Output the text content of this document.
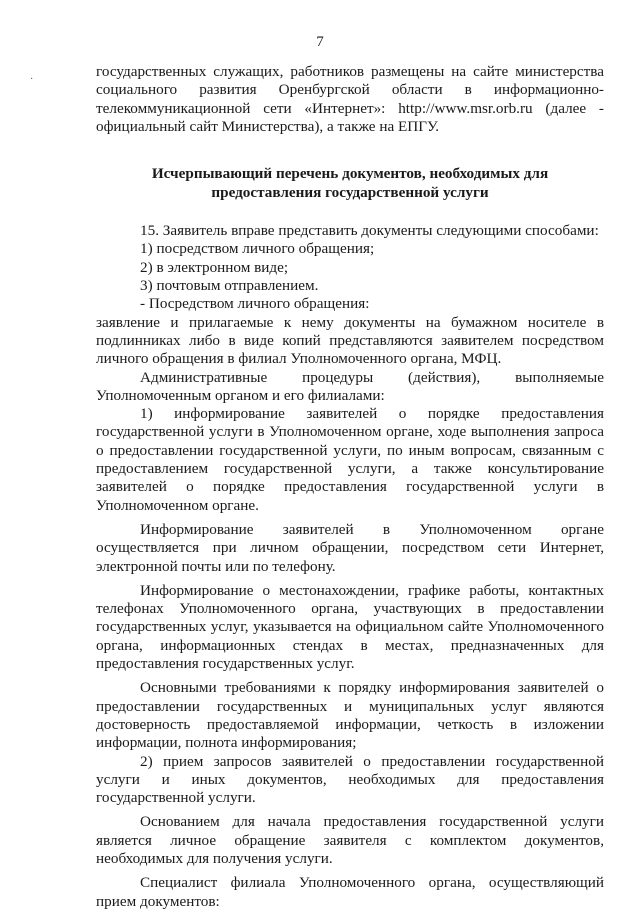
7
·	государственных служащих, работников размещены на сайте министерства социального развития Оренбургской области в информационно-телекоммуникационной сети «Интернет»: http://www.msr.orb.ru (далее - официальный сайт Министерства), а также на ЕПГУ.

Исчерпывающий перечень документов, необходимых для предоставления государственной услуги

15. Заявитель вправе представить документы следующими способами:

1) посредством личного обращения;

2) в электронном виде;

3) почтовым отправлением.

- Посредством личного обращения:

заявление и прилагаемые к нему документы на бумажном носителе в подлинниках либо в виде копий представляются заявителем посредством личного обращения в филиал Уполномоченного органа, МФЦ.

Административные процедуры (действия), выполняемые Уполномоченным органом и его филиалами:

1) информирование заявителей о порядке предоставления государственной услуги в Уполномоченном органе, ходе выполнения запроса о предоставлении государственной услуги, по иным вопросам, связанным с предоставлением государственной услуги, а также консультирование заявителей о порядке предоставления государственной услуги в Уполномоченном органе.

Информирование заявителей в Уполномоченном органе осуществляется при личном обращении, посредством сети Интернет, электронной почты или по телефону.

Информирование о местонахождении, графике работы, контактных телефонах Уполномоченного органа, участвующих в предоставлении государственных услуг, указывается на официальном сайте Уполномоченного органа, информационных стендах в местах, предназначенных для предоставления государственных услуг.

Основными требованиями к порядку информирования заявителей о предоставлении государственных и муниципальных услуг являются достоверность предоставляемой информации, четкость в изложении информации, полнота информирования;

2) прием запросов заявителей о предоставлении государственной услуги и иных документов, необходимых для предоставления государственной услуги.

Основанием для начала предоставления государственной услуги является личное обращение заявителя с комплектом документов, необходимых для получения услуги.

Специалист филиала Уполномоченного органа, осуществляющий прием документов:
